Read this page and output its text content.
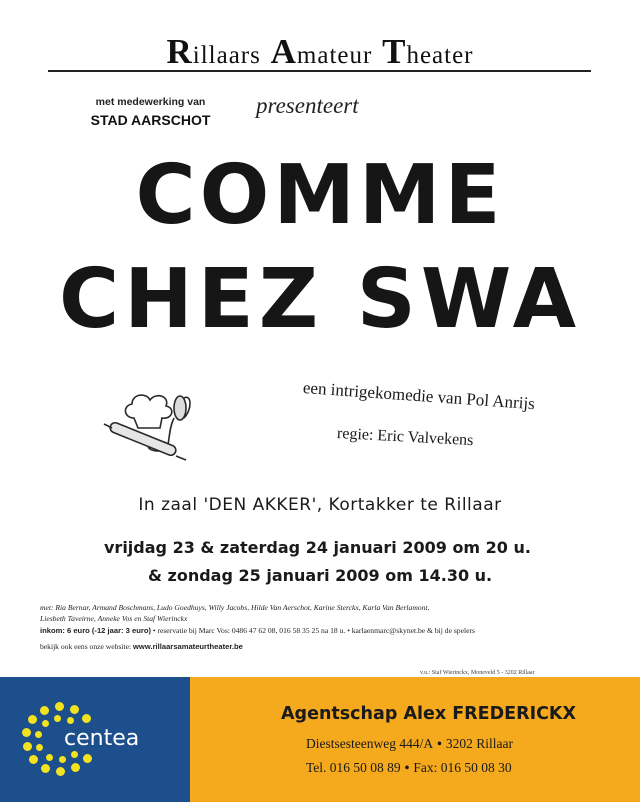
Rillaars Amateur Theater
met medewerking van
STAD AARSCHOT
presenteert
COMME
CHEZ SWA
een intrigekomedie van Pol Anrijs
regie: Eric Valvekens
In zaal 'DEN AKKER', Kortakker te Rillaar
vrijdag 23 & zaterdag 24 januari 2009 om 20 u.
& zondag 25 januari 2009 om 14.30 u.
met: Ria Bernar, Armand Boschmans, Ludo Goedhuys, Willy Jacobs, Hilde Van Aerschot, Karine Sterckx, Karla Van Berlamont,
Liesbeth Taveirne, Anneke Vos en Staf Wierinckx
inkom: 6 euro (-12 jaar: 3 euro) • reservatie bij Marc Vos: 0486 47 62 08, 016 58 35 25 na 18 u. • karlaenmarc@skynet.be & bij de spelers
bekijk ook eens onze website: www.rillaarsamateurtheater.be
v.u.: Staf Wierinckx, Moneveld 5 - 3202 Rillaar
centea
Agentschap Alex FREDERICKX
Diestsesteenweg 444/A • 3202 Rillaar
Tel. 016 50 08 89 • Fax: 016 50 08 30
